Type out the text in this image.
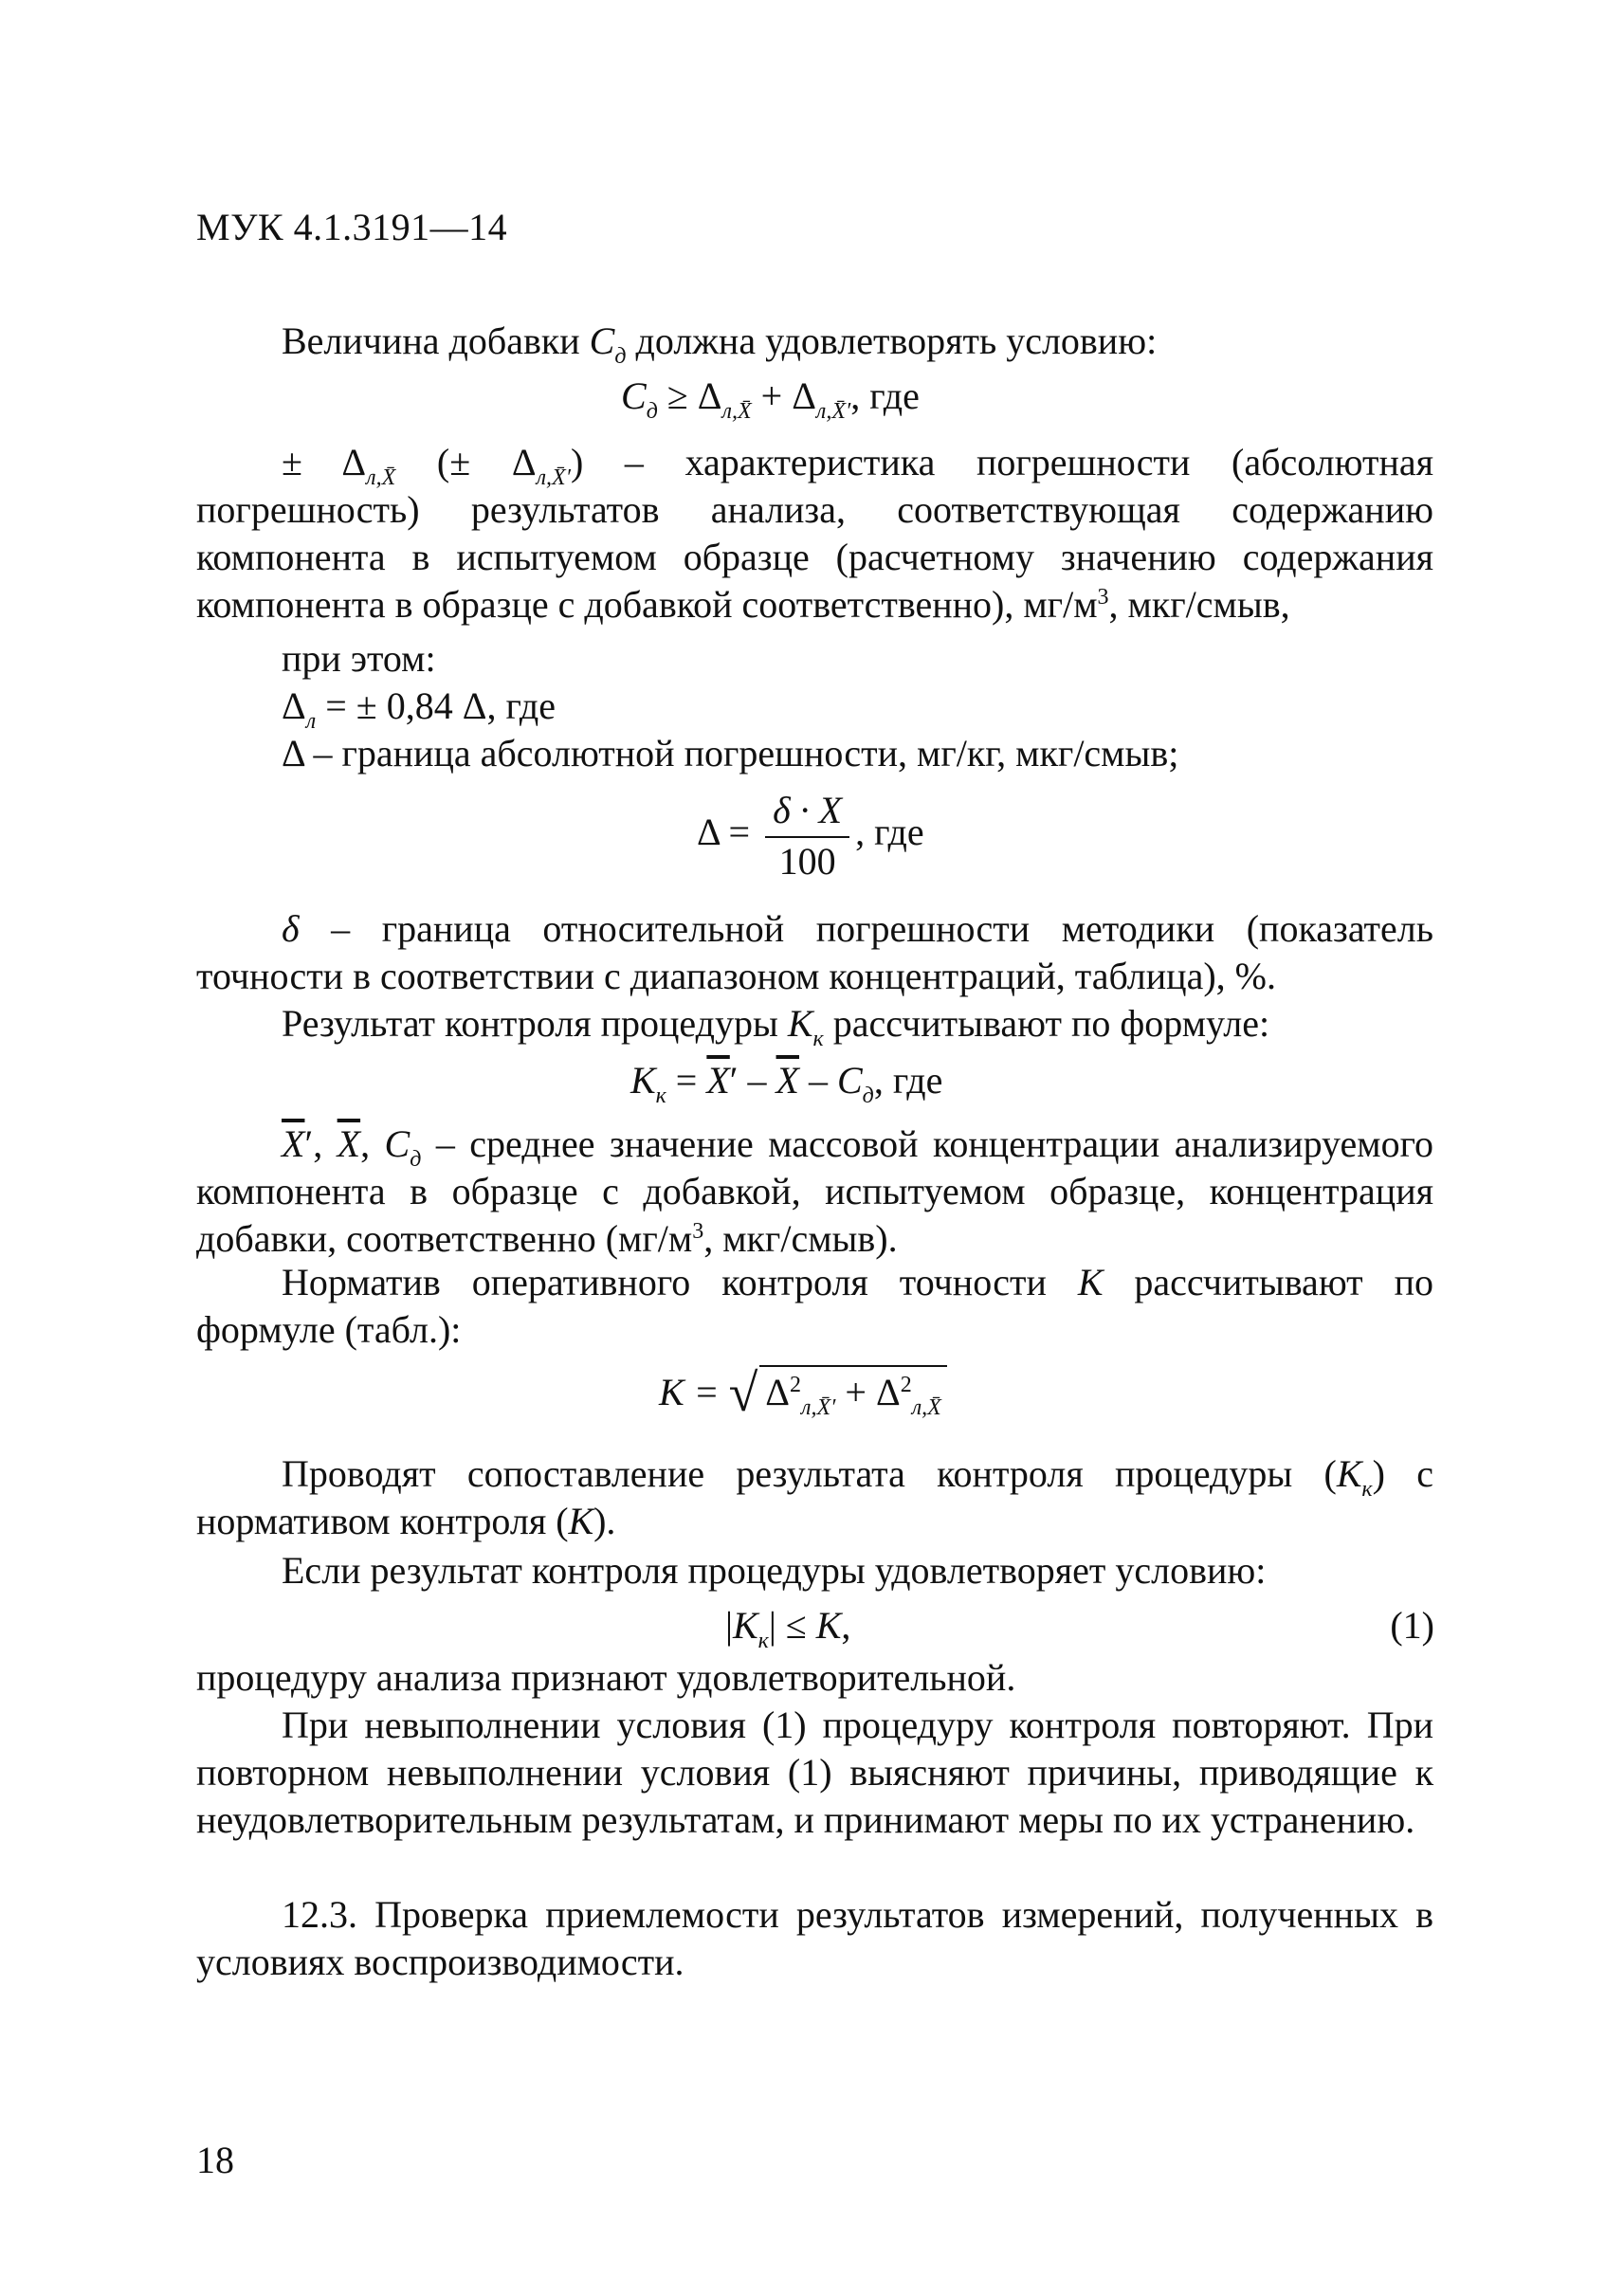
МУК 4.1.3191—14
Величина добавки $С_д$ должна удовлетворять условию:
$С_д \ge \Delta_{л,X̄} + \Delta_{л,X̄'}$, где
± $\Delta_{л,X̄}$ (± $\Delta_{л,X̄'}$) – характеристика погрешности (абсолютная погрешность) результатов анализа, соответствующая содержанию компонента в испытуемом образце (расчетному значению содержания компонента в образце с добавкой соответственно), $мг/м^3$, мкг/смыв,
при этом:
$\Delta_л$ = ± 0,84 Δ, где
Δ – граница абсолютной погрешности, мг/кг, мкг/смыв;
$\Delta = \frac{\delta \cdot X}{100}$ , где
δ – граница относительной погрешности методики (показатель точности в соответствии с диапазоном концентраций, таблица), %.
Результат контроля процедуры $К_к$ рассчитывают по формуле:
$К_к = \overline{X}' - \overline{X} - С_д$, где
$\overline{X}'$, $\overline{X}$, $С_д$ – среднее значение массовой концентрации анализируемого компонента в образце с добавкой, испытуемом образце, концентрация добавки, соответственно ($мг/м^3$, мкг/смыв).
Норматив оперативного контроля точности К рассчитывают по формуле (табл.):
К = √ $\Delta^2_{л,X̄'} + \Delta^2_{л,X̄}$
Проводят сопоставление результата контроля процедуры $(К_к)$ с нормативом контроля (К).
Если результат контроля процедуры удовлетворяет условию:
$|К_к| \le К$,	(1)
процедуру анализа признают удовлетворительной.
При невыполнении условия (1) процедуру контроля повторяют. При повторном невыполнении условия (1) выясняют причины, приводящие к неудовлетворительным результатам, и принимают меры по их устранению.
12.3. Проверка приемлемости результатов измерений, полученных в условиях воспроизводимости.
18
